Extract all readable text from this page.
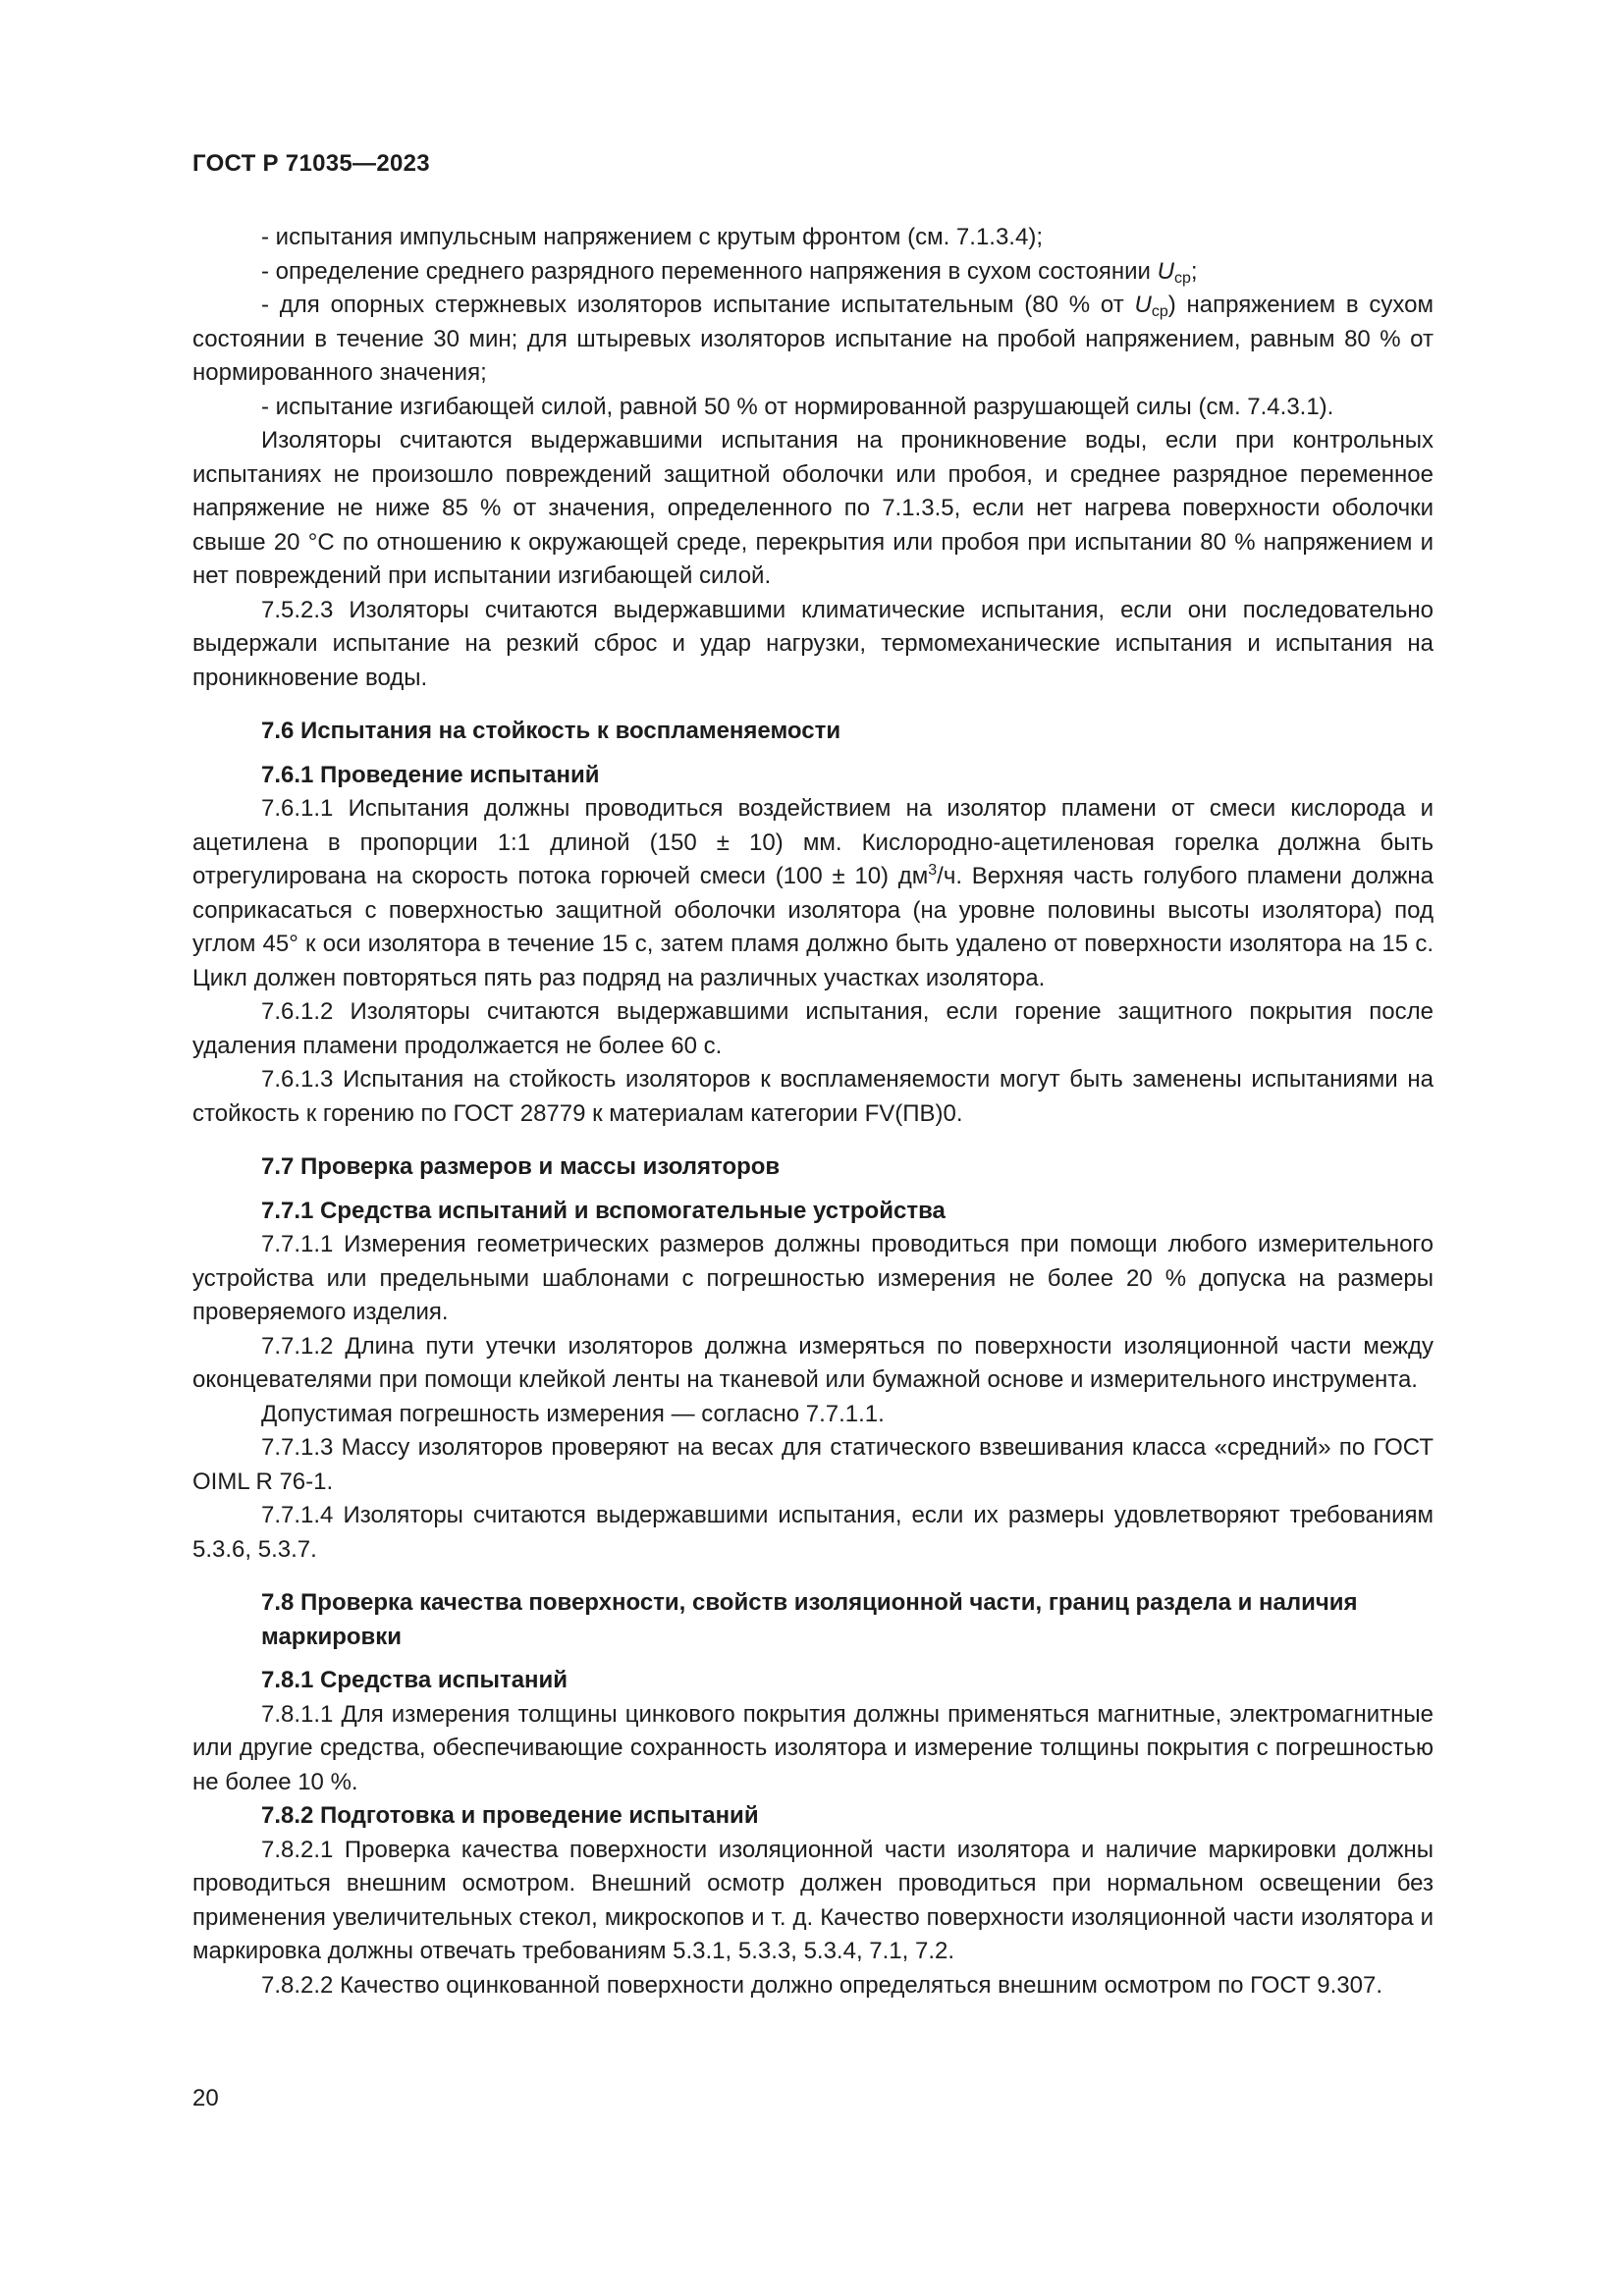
ГОСТ Р 71035—2023

- испытания импульсным напряжением с крутым фронтом (см. 7.1.3.4);

- определение среднего разрядного переменного напряжения в сухом состоянии $U_{ср}$;

- для опорных стержневых изоляторов испытание испытательным (80 % от $U_{ср}$) напряжением в сухом состоянии в течение 30 мин; для штыревых изоляторов испытание на пробой напряжением, равным 80 % от нормированного значения;

- испытание изгибающей силой, равной 50 % от нормированной разрушающей силы (см. 7.4.3.1).

Изоляторы считаются выдержавшими испытания на проникновение воды, если при контрольных испытаниях не произошло повреждений защитной оболочки или пробоя, и среднее разрядное переменное напряжение не ниже 85 % от значения, определенного по 7.1.3.5, если нет нагрева поверхности оболочки свыше 20 °С по отношению к окружающей среде, перекрытия или пробоя при испытании 80 % напряжением и нет повреждений при испытании изгибающей силой.

7.5.2.3 Изоляторы считаются выдержавшими климатические испытания, если они последовательно выдержали испытание на резкий сброс и удар нагрузки, термомеханические испытания и испытания на проникновение воды.

7.6 Испытания на стойкость к воспламеняемости
7.6.1 Проведение испытаний

7.6.1.1 Испытания должны проводиться воздействием на изолятор пламени от смеси кислорода и ацетилена в пропорции 1:1 длиной (150 ± 10) мм. Кислородно-ацетиленовая горелка должна быть отрегулирована на скорость потока горючей смеси (100 ± 10) $дм^3/ч$. Верхняя часть голубого пламени должна соприкасаться с поверхностью защитной оболочки изолятора (на уровне половины высоты изолятора) под углом 45° к оси изолятора в течение 15 с, затем пламя должно быть удалено от поверхности изолятора на 15 с. Цикл должен повторяться пять раз подряд на различных участках изолятора.

7.6.1.2 Изоляторы считаются выдержавшими испытания, если горение защитного покрытия после удаления пламени продолжается не более 60 с.

7.6.1.3 Испытания на стойкость изоляторов к воспламеняемости могут быть заменены испытаниями на стойкость к горению по ГОСТ 28779 к материалам категории FV(ПВ)0.

7.7 Проверка размеров и массы изоляторов
7.7.1 Средства испытаний и вспомогательные устройства

7.7.1.1 Измерения геометрических размеров должны проводиться при помощи любого измерительного устройства или предельными шаблонами с погрешностью измерения не более 20 % допуска на размеры проверяемого изделия.

7.7.1.2 Длина пути утечки изоляторов должна измеряться по поверхности изоляционной части между оконцевателями при помощи клейкой ленты на тканевой или бумажной основе и измерительного инструмента.

Допустимая погрешность измерения — согласно 7.7.1.1.

7.7.1.3 Массу изоляторов проверяют на весах для статического взвешивания класса «средний» по ГОСТ OIML R 76-1.

7.7.1.4 Изоляторы считаются выдержавшими испытания, если их размеры удовлетворяют требованиям 5.3.6, 5.3.7.

7.8 Проверка качества поверхности, свойств изоляционной части, границ раздела и наличия маркировки
7.8.1 Средства испытаний

7.8.1.1 Для измерения толщины цинкового покрытия должны применяться магнитные, электромагнитные или другие средства, обеспечивающие сохранность изолятора и измерение толщины покрытия с погрешностью не более 10 %.

7.8.2 Подготовка и проведение испытаний

7.8.2.1 Проверка качества поверхности изоляционной части изолятора и наличие маркировки должны проводиться внешним осмотром. Внешний осмотр должен проводиться при нормальном освещении без применения увеличительных стекол, микроскопов и т. д. Качество поверхности изоляционной части изолятора и маркировка должны отвечать требованиям 5.3.1, 5.3.3, 5.3.4, 7.1, 7.2.

7.8.2.2 Качество оцинкованной поверхности должно определяться внешним осмотром по ГОСТ 9.307.

20
